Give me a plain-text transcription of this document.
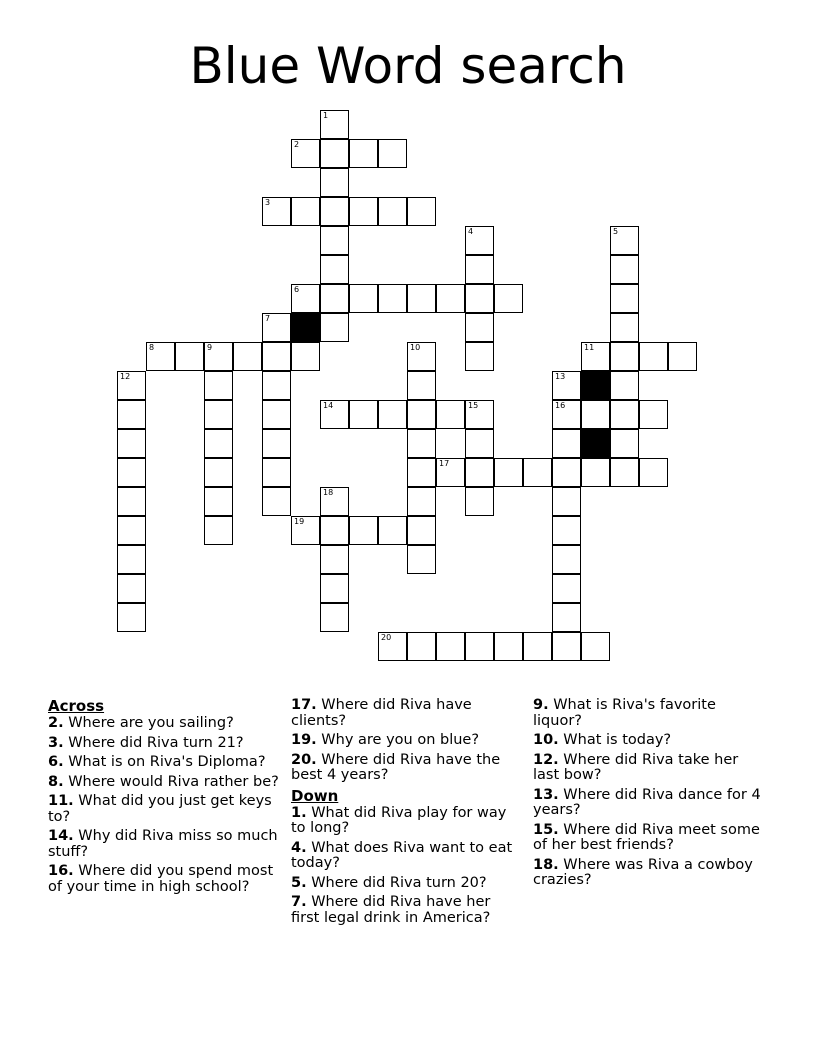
Blue Word search
1
2
3
4	5
6
7
8	9	10	11
12	13
14	15	16
17
18
19
20
Across
2. Where are you sailing?
3. Where did Riva turn 21?
6. What is on Riva's Diploma?
8. Where would Riva rather be?
11. What did you just get keys to?
14. Why did Riva miss so much stuff?
16. Where did you spend most of your time in high school?
17. Where did Riva have clients?
19. Why are you on blue?
20. Where did Riva have the best 4 years?
Down
1. What did Riva play for way to long?
4. What does Riva want to eat today?
5. Where did Riva turn 20?
7. Where did Riva have her first legal drink in America?
9. What is Riva's favorite liquor?
10. What is today?
12. Where did Riva take her last bow?
13. Where did Riva dance for 4 years?
15. Where did Riva meet some of her best friends?
18. Where was Riva a cowboy crazies?
